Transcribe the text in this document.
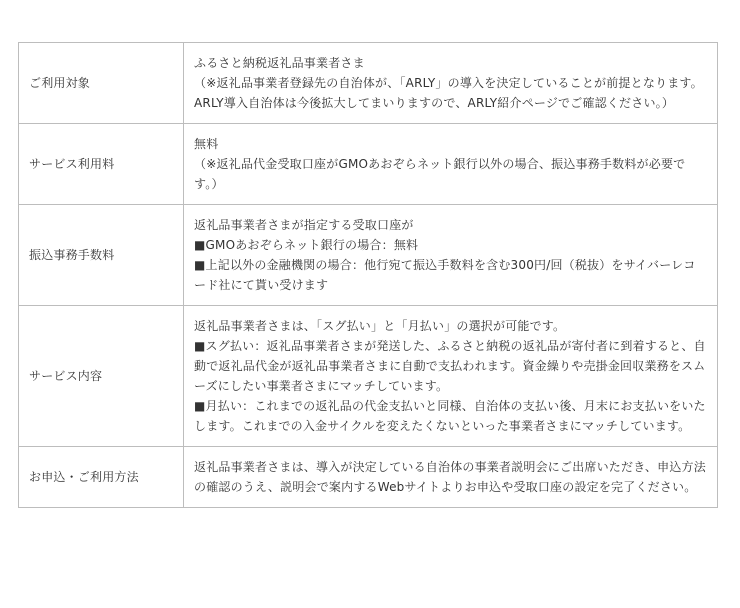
ご利用対象	ふるさと納税返礼品事業者さま
（※返礼品事業者登録先の自治体が、「ARLY」の導入を決定していることが前提となります。ARLY導入自治体は今後拡大してまいりますので、ARLY紹介ページでご確認ください。）

サービス利用料	無料
（※返礼品代金受取口座がGMOあおぞらネット銀行以外の場合、振込事務手数料が必要です。）

振込事務手数料	返礼品事業者さまが指定する受取口座が
■GMOあおぞらネット銀行の場合：無料
■上記以外の金融機関の場合：他行宛て振込手数料を含む300円/回（税抜）をサイバーレコード社にて貰い受けます

サービス内容	返礼品事業者さまは、「スグ払い」と「月払い」の選択が可能です。
■スグ払い：返礼品事業者さまが発送した、ふるさと納税の返礼品が寄付者に到着すると、自動で返礼品代金が返礼品事業者さまに自動で支払われます。資金繰りや売掛金回収業務をスムーズにしたい事業者さまにマッチしています。
■月払い：これまでの返礼品の代金支払いと同様、自治体の支払い後、月末にお支払いをいたします。これまでの入金サイクルを変えたくないといった事業者さまにマッチしています。

お申込・ご利用方法	返礼品事業者さまは、導入が決定している自治体の事業者説明会にご出席いただき、申込方法の確認のうえ、説明会で案内するWebサイトよりお申込や受取口座の設定を完了ください。
